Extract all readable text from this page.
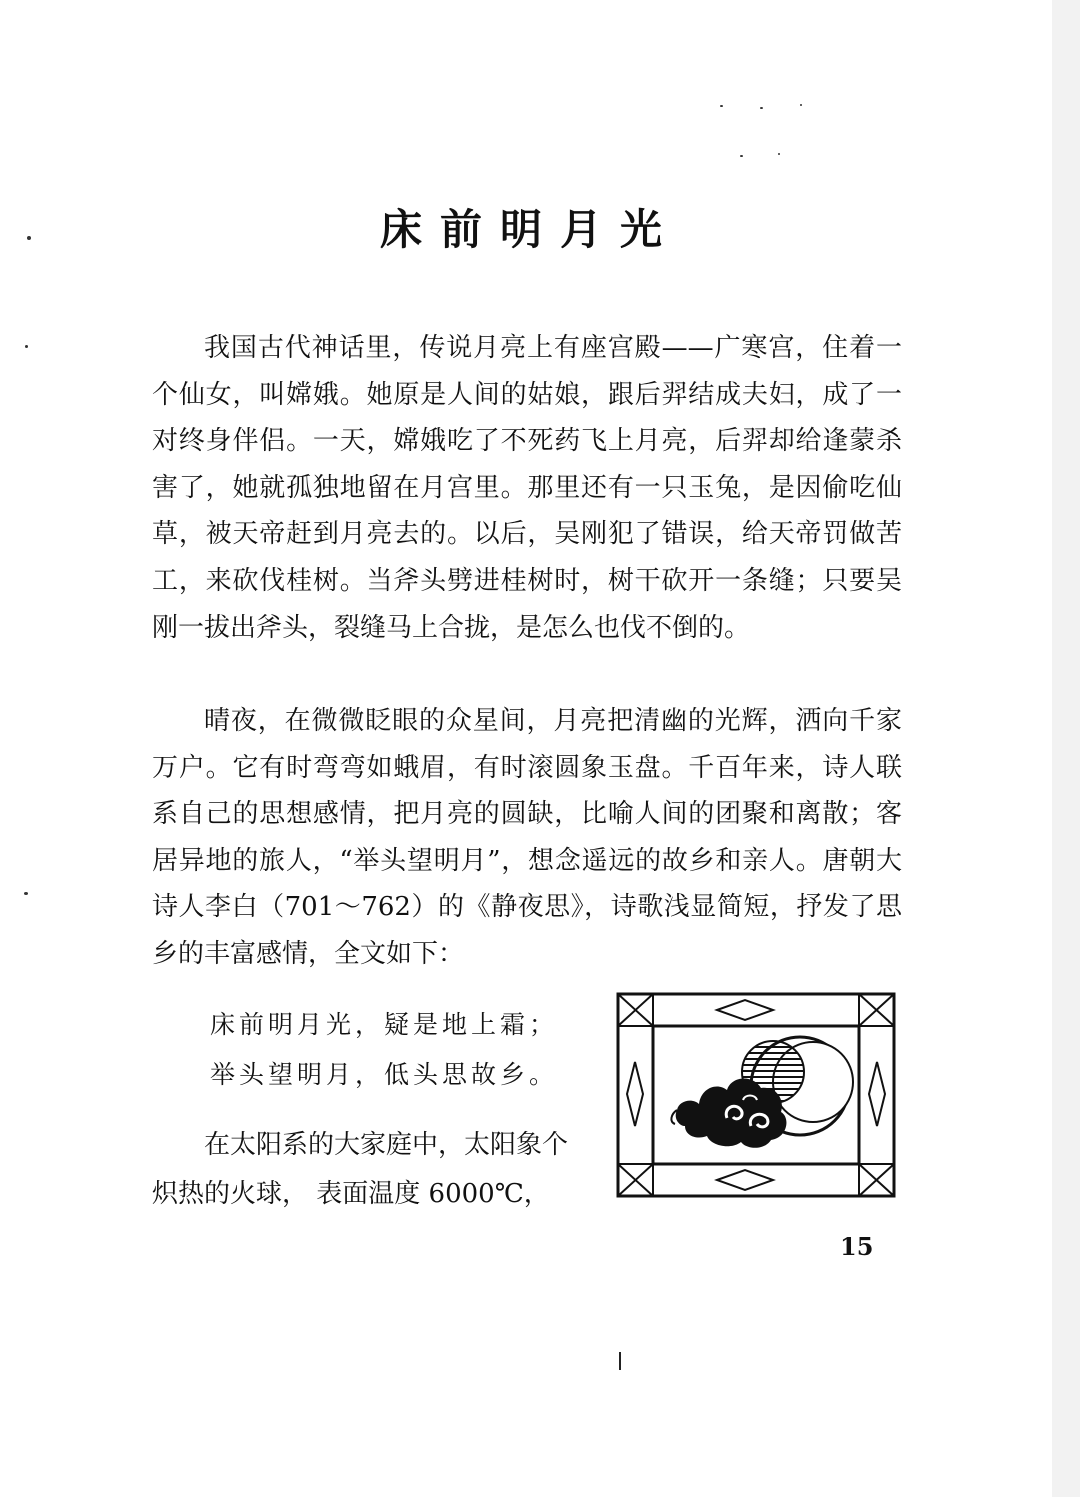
床前明月光

我国古代神话里，传说月亮上有座宫殿——广寒宫，住着一个仙女，叫嫦娥。她原是人间的姑娘，跟后羿结成夫妇，成了一对终身伴侣。一天，嫦娥吃了不死药飞上月亮，后羿却给逢蒙杀害了，她就孤独地留在月宫里。那里还有一只玉兔，是因偷吃仙草，被天帝赶到月亮去的。以后，吴刚犯了错误，给天帝罚做苦工，来砍伐桂树。当斧头劈进桂树时，树干砍开一条缝；只要吴刚一拔出斧头，裂缝马上合拢，是怎么也伐不倒的。

晴夜，在微微眨眼的众星间，月亮把清幽的光辉，洒向千家万户。它有时弯弯如蛾眉，有时滚圆象玉盘。千百年来，诗人联系自己的思想感情，把月亮的圆缺，比喻人间的团聚和离散；客居异地的旅人，“举头望明月”，想念遥远的故乡和亲人。唐朝大诗人李白（701～762）的《静夜思》，诗歌浅显简短，抒发了思乡的丰富感情，全文如下：

床前明月光，疑是地上霜；
举头望明月，低头思故乡。

在太阳系的大家庭中，太阳象个炽热的火球， 表面温度 6000℃，

15
